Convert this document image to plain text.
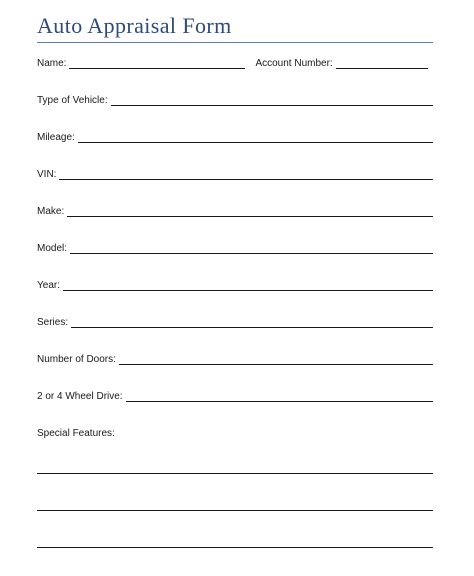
Auto Appraisal Form
Name:	Account Number:
Type of Vehicle:
Mileage:
VIN:
Make:
Model:
Year:
Series:
Number of Doors:
2 or 4 Wheel Drive:
Special Features:
